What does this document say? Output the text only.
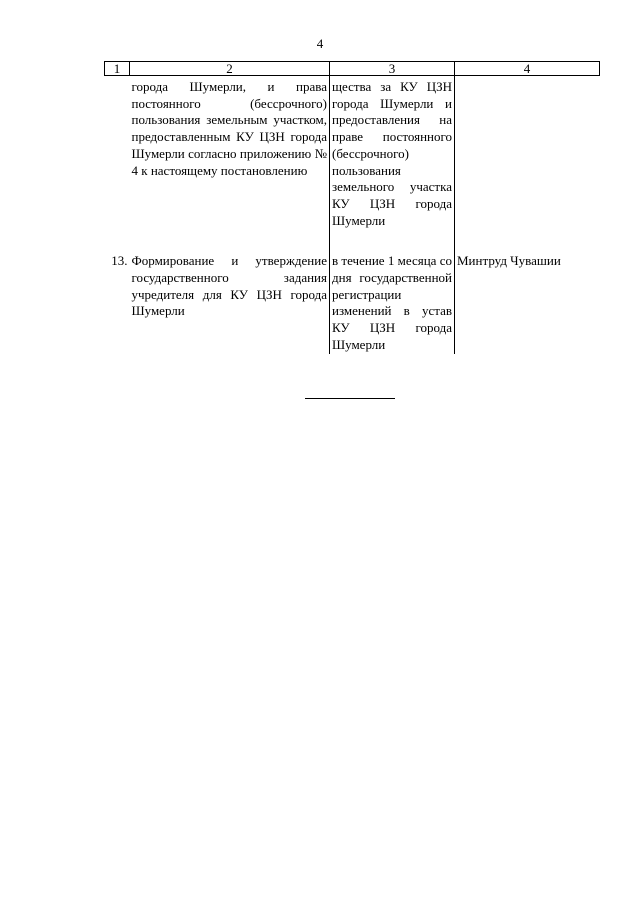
4
1	2	3	4
	города Шумерли, и права постоянного (бессрочного) пользования земельным участком, предоставленным КУ ЦЗН города Шумерли согласно приложению № 4 к настоящему постановлению	щества за КУ ЦЗН города Шумерли и предоставления на праве постоянного (бессрочного) пользования земельного участка КУ ЦЗН города Шумерли	
13.	Формирование и утверждение государственного задания учредителя для КУ ЦЗН города Шумерли	в течение 1 месяца со дня государственной регистрации изменений в устав КУ ЦЗН города Шумерли	Минтруд Чувашии
